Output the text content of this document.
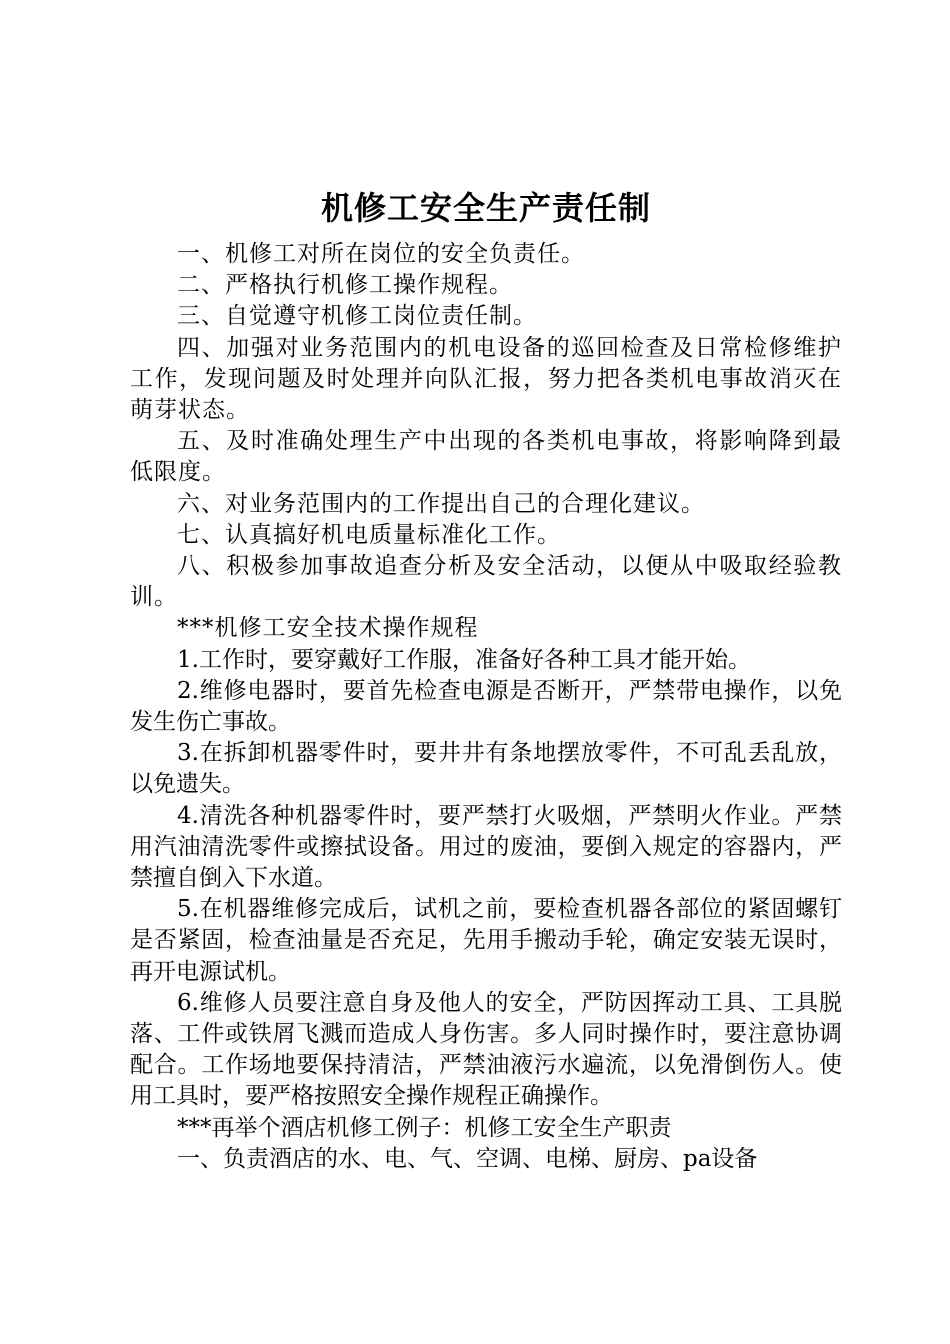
机修工安全生产责任制

一、机修工对所在岗位的安全负责任。

二、严格执行机修工操作规程。

三、自觉遵守机修工岗位责任制。

四、加强对业务范围内的机电设备的巡回检查及日常检修维护工作，发现问题及时处理并向队汇报，努力把各类机电事故消灭在萌芽状态。

五、及时准确处理生产中出现的各类机电事故，将影响降到最低限度。

六、对业务范围内的工作提出自己的合理化建议。

七、认真搞好机电质量标准化工作。

八、积极参加事故追查分析及安全活动，以便从中吸取经验教训。

***机修工安全技术操作规程

1.工作时，要穿戴好工作服，准备好各种工具才能开始。

2.维修电器时，要首先检查电源是否断开，严禁带电操作，以免发生伤亡事故。

3.在拆卸机器零件时，要井井有条地摆放零件，不可乱丢乱放，以免遗失。

4.清洗各种机器零件时，要严禁打火吸烟，严禁明火作业。严禁用汽油清洗零件或擦拭设备。用过的废油，要倒入规定的容器内，严禁擅自倒入下水道。

5.在机器维修完成后，试机之前，要检查机器各部位的紧固螺钉是否紧固，检查油量是否充足，先用手搬动手轮，确定安装无误时，再开电源试机。

6.维修人员要注意自身及他人的安全，严防因挥动工具、工具脱落、工件或铁屑飞溅而造成人身伤害。多人同时操作时，要注意协调配合。工作场地要保持清洁，严禁油液污水遍流，以免滑倒伤人。使用工具时，要严格按照安全操作规程正确操作。

***再举个酒店机修工例子：机修工安全生产职责

一、负责酒店的水、电、气、空调、电梯、厨房、pa设备
